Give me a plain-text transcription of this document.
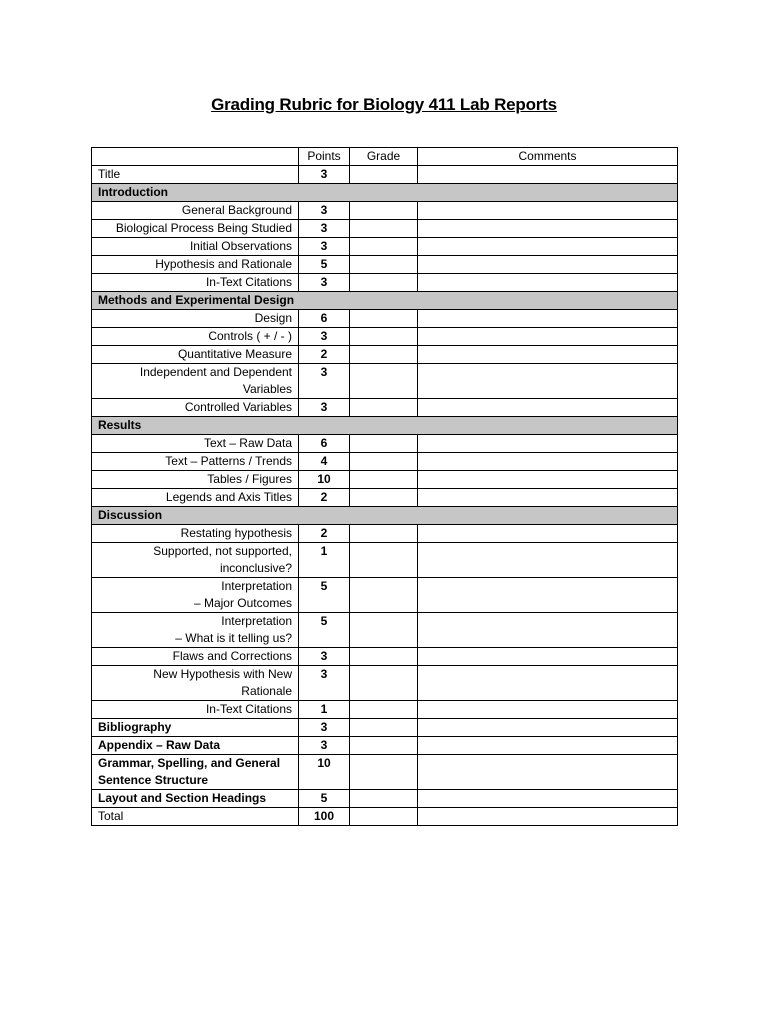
Grading Rubric for Biology 411 Lab Reports
	Points	Grade	Comments
Title	3		
Introduction			
General Background	3		
Biological Process Being Studied	3		
Initial Observations	3		
Hypothesis and Rationale	5		
In-Text Citations	3		
Methods and Experimental Design			
Design	6		
Controls ( + / - )	3		
Quantitative Measure	2		

Independent and Dependent
Variables	3		
Controlled Variables	3		
Results			
Text – Raw Data	6		
Text – Patterns / Trends	4		
Tables / Figures	10		
Legends and Axis Titles	2		
Discussion			
Restating hypothesis	2		

Supported, not supported,
inconclusive?	1		

Interpretation
– Major Outcomes	5		

Interpretation
– What is it telling us?	5		
Flaws and Corrections	3		

New Hypothesis with New
Rationale	3		
In-Text Citations	1		
Bibliography	3		
Appendix – Raw Data	3		

Grammar, Spelling, and General
Sentence Structure	10		
Layout and Section Headings	5		
Total	100		
